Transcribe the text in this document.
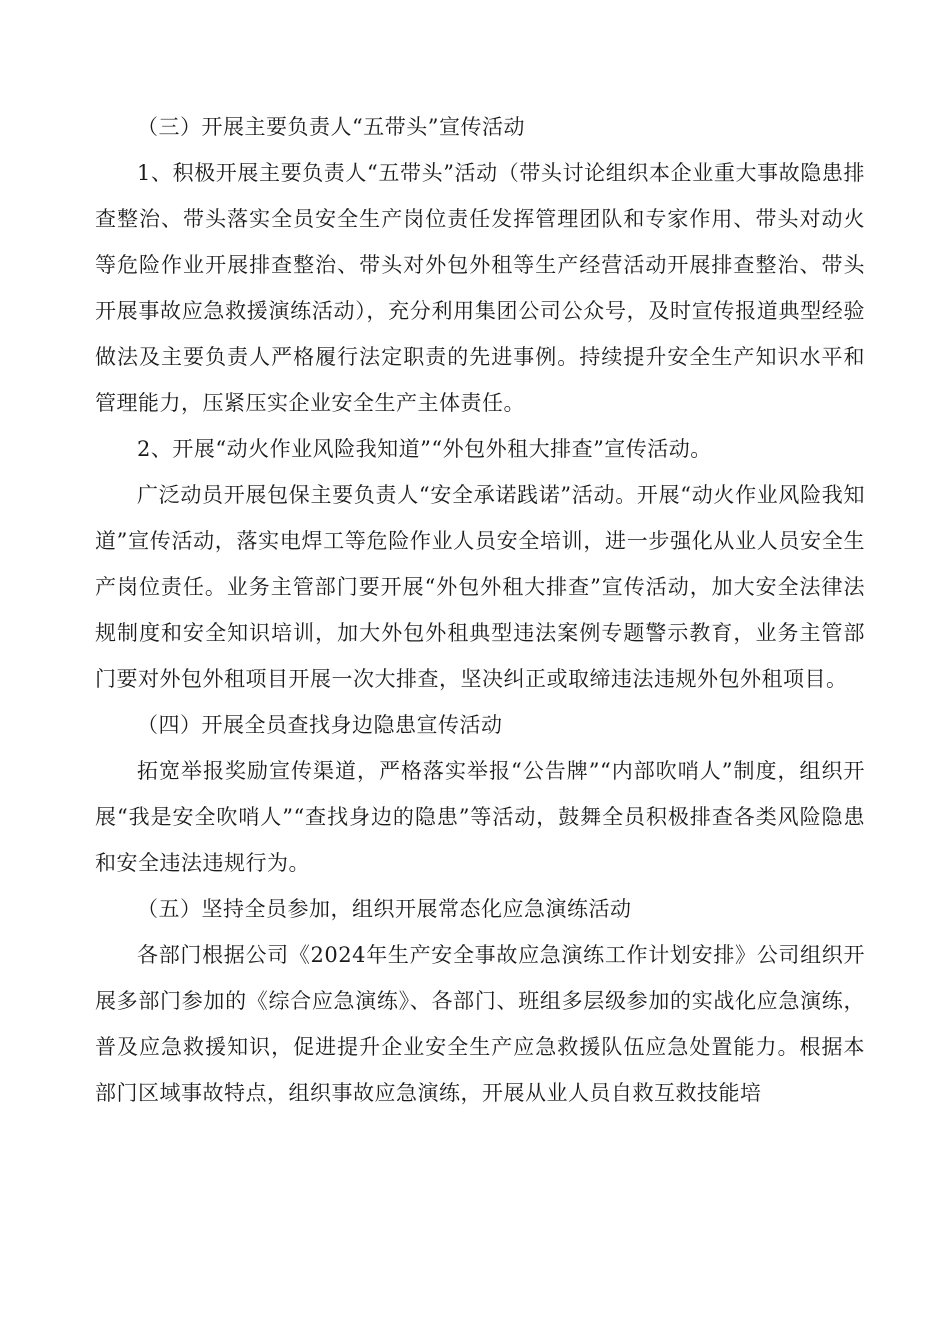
（三）开展主要负责人“五带头”宣传活动

1、积极开展主要负责人“五带头”活动（带头讨论组织本企业重大事故隐患排查整治、带头落实全员安全生产岗位责任发挥管理团队和专家作用、带头对动火等危险作业开展排查整治、带头对外包外租等生产经营活动开展排查整治、带头开展事故应急救援演练活动），充分利用集团公司公众号，及时宣传报道典型经验做法及主要负责人严格履行法定职责的先进事例。持续提升安全生产知识水平和管理能力，压紧压实企业安全生产主体责任。

2、开展“动火作业风险我知道”“外包外租大排查”宣传活动。

广泛动员开展包保主要负责人“安全承诺践诺”活动。开展“动火作业风险我知道”宣传活动，落实电焊工等危险作业人员安全培训，进一步强化从业人员安全生产岗位责任。业务主管部门要开展“外包外租大排查”宣传活动，加大安全法律法规制度和安全知识培训，加大外包外租典型违法案例专题警示教育，业务主管部门要对外包外租项目开展一次大排查，坚决纠正或取缔违法违规外包外租项目。

（四）开展全员查找身边隐患宣传活动

拓宽举报奖励宣传渠道，严格落实举报“公告牌”“内部吹哨人”制度，组织开展“我是安全吹哨人”“查找身边的隐患”等活动，鼓舞全员积极排查各类风险隐患和安全违法违规行为。

（五）坚持全员参加，组织开展常态化应急演练活动

各部门根据公司《2024年生产安全事故应急演练工作计划安排》公司组织开展多部门参加的《综合应急演练》、各部门、班组多层级参加的实战化应急演练，普及应急救援知识，促进提升企业安全生产应急救援队伍应急处置能力。根据本部门区域事故特点，组织事故应急演练，开展从业人员自救互救技能培
